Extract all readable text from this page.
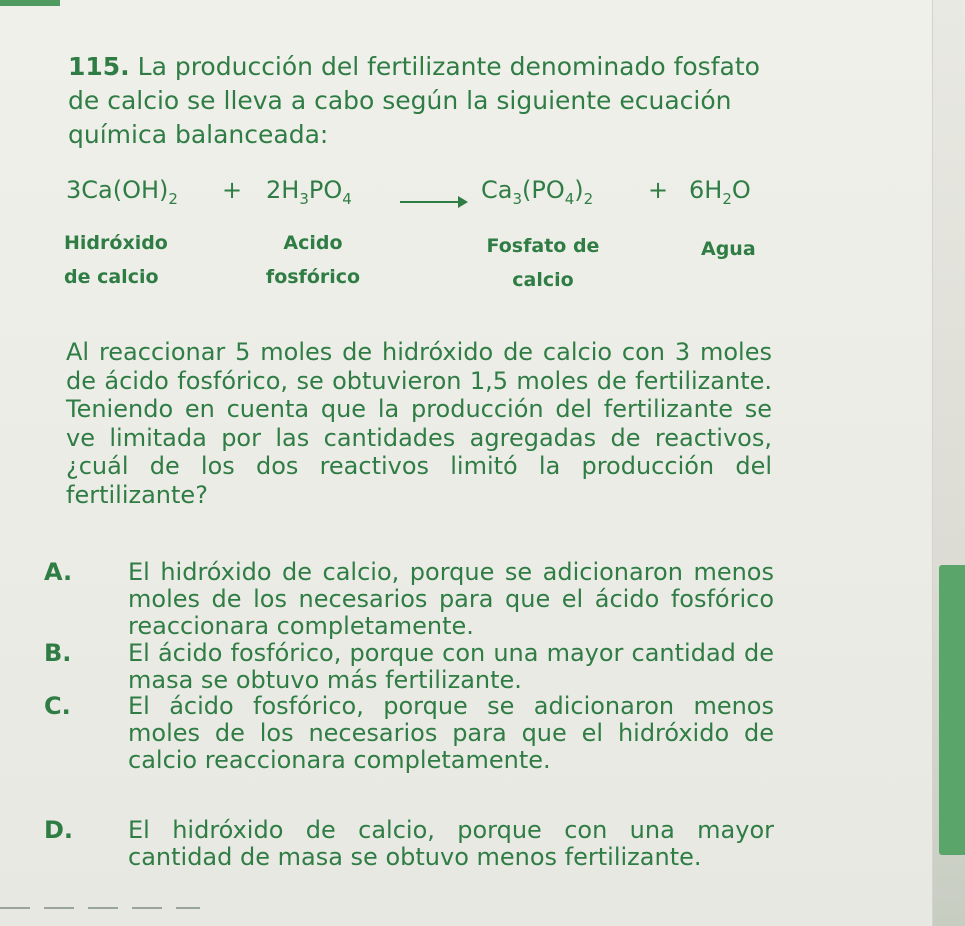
115. La producción del fertilizante denominado fosfato de calcio se lleva a cabo según la siguiente ecuación química balanceada:
$3Ca(OH)_2 + 2H_3PO_4$	$Ca_3(PO_4)_2 + 6H_2O$
Hidróxido
de calcio
Acido
fosfórico
Fosfato de
calcio
Agua
Al reaccionar 5 moles de hidróxido de calcio con 3 moles de ácido fosfórico, se obtuvieron 1,5 moles de fertilizante. Teniendo en cuenta que la producción del fertilizante se ve limitada por las cantidades agregadas de reactivos, ¿cuál de los dos reactivos limitó la producción del fertilizante?
A. El hidróxido de calcio, porque se adicionaron menos moles de los necesarios para que el ácido fosfórico reaccionara completamente.
B. El ácido fosfórico, porque con una mayor cantidad de masa se obtuvo más fertilizante.
C. El ácido fosfórico, porque se adicionaron menos moles de los necesarios para que el hidróxido de calcio reaccionara completamente.
D. El hidróxido de calcio, porque con una mayor cantidad de masa se obtuvo menos fertilizante.
